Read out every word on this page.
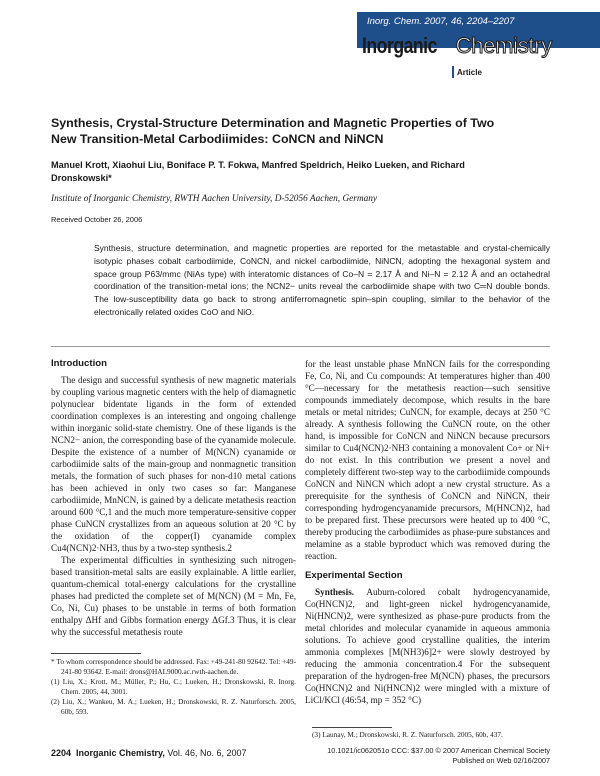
Inorg. Chem. 2007, 46, 2204–2207
Inorganic Chemistry
Article
Synthesis, Crystal-Structure Determination and Magnetic Properties of Two New Transition-Metal Carbodiimides: CoNCN and NiNCN
Manuel Krott, Xiaohui Liu, Boniface P. T. Fokwa, Manfred Speldrich, Heiko Lueken, and Richard Dronskowski*
Institute of Inorganic Chemistry, RWTH Aachen University, D-52056 Aachen, Germany
Received October 26, 2006
Synthesis, structure determination, and magnetic properties are reported for the metastable and crystal-chemically isotypic phases cobalt carbodiimide, CoNCN, and nickel carbodiimide, NiNCN, adopting the hexagonal system and space group P63/mmc (NiAs type) with interatomic distances of Co–N = 2.17 Å and Ni–N = 2.12 Å and an octahedral coordination of the transition-metal ions; the NCN2− units reveal the carbodiimide shape with two C═N double bonds. The low-susceptibility data go back to strong antiferromagnetic spin–spin coupling, similar to the behavior of the electronically related oxides CoO and NiO.
Introduction

The design and successful synthesis of new magnetic materials by coupling various magnetic centers with the help of diamagnetic polynuclear bidentate ligands in the form of extended coordination complexes is an interesting and ongoing challenge within inorganic solid-state chemistry. One of these ligands is the NCN2− anion, the corresponding base of the cyanamide molecule. Despite the existence of a number of M(NCN) cyanamide or carbodiimide salts of the main-group and nonmagnetic transition metals, the formation of such phases for non-d10 metal cations has been achieved in only two cases so far: Manganese carbodiimide, MnNCN, is gained by a delicate metathesis reaction around 600 °C,1 and the much more temperature-sensitive copper phase CuNCN crystallizes from an aqueous solution at 20 °C by the oxidation of the copper(I) cyanamide complex Cu4(NCN)2·NH3, thus by a two-step synthesis.2

The experimental difficulties in synthesizing such nitrogen-based transition-metal salts are easily explainable. A little earlier, quantum-chemical total-energy calculations for the crystalline phases had predicted the complete set of M(NCN) (M = Mn, Fe, Co, Ni, Cu) phases to be unstable in terms of both formation enthalpy ΔHf and Gibbs formation energy ΔGf.3 Thus, it is clear why the successful metathesis route

* To whom correspondence should be addressed. Fax: +49-241-80 92642. Tel: +49-241-80 93642. E-mail: drons@HAL9000.ac.rwth-aachen.de.
(1) Liu, X.; Krott, M.; Müller, P.; Hu, C.; Lueken, H.; Dronskowski, R. Inorg. Chem. 2005, 44, 3001.
(2) Liu, X.; Wankeu, M. A.; Lueken, H.; Dronskowski, R. Z. Naturforsch. 2005, 60b, 593.

for the least unstable phase MnNCN fails for the corresponding Fe, Co, Ni, and Cu compounds: At temperatures higher than 400 °C—necessary for the metathesis reaction—such sensitive compounds immediately decompose, which results in the bare metals or metal nitrides; CuNCN, for example, decays at 250 °C already. A synthesis following the CuNCN route, on the other hand, is impossible for CoNCN and NiNCN because precursors similar to Cu4(NCN)2·NH3 containing a monovalent Co+ or Ni+ do not exist. In this contribution we present a novel and completely different two-step way to the carbodiimide compounds CoNCN and NiNCN which adopt a new crystal structure. As a prerequisite for the synthesis of CoNCN and NiNCN, their corresponding hydrogencyanamide precursors, M(HNCN)2, had to be prepared first. These precursors were heated up to 400 °C, thereby producing the carbodiimides as phase-pure substances and melamine as a stable byproduct which was removed during the reaction.

Experimental Section

Synthesis. Auburn-colored cobalt hydrogencyanamide, Co(HNCN)2, and light-green nickel hydrogencyanamide, Ni(HNCN)2, were synthesized as phase-pure products from the metal chlorides and molecular cyanamide in aqueous ammonia solutions. To achieve good crystalline qualities, the interim ammonia complexes [M(NH3)6]2+ were slowly destroyed by reducing the ammonia concentration.4 For the subsequent preparation of the hydrogen-free M(NCN) phases, the precursors Co(HNCN)2 and Ni(HNCN)2 were mingled with a mixture of LiCl/KCl (46:54, mp = 352 °C)

(3) Launay, M.; Dronskowski, R. Z. Naturforsch. 2005, 60b, 437.
2204 Inorganic Chemistry, Vol. 46, No. 6, 2007	10.1021/ic062051o CCC: $37.00 © 2007 American Chemical Society
Published on Web 02/16/2007
